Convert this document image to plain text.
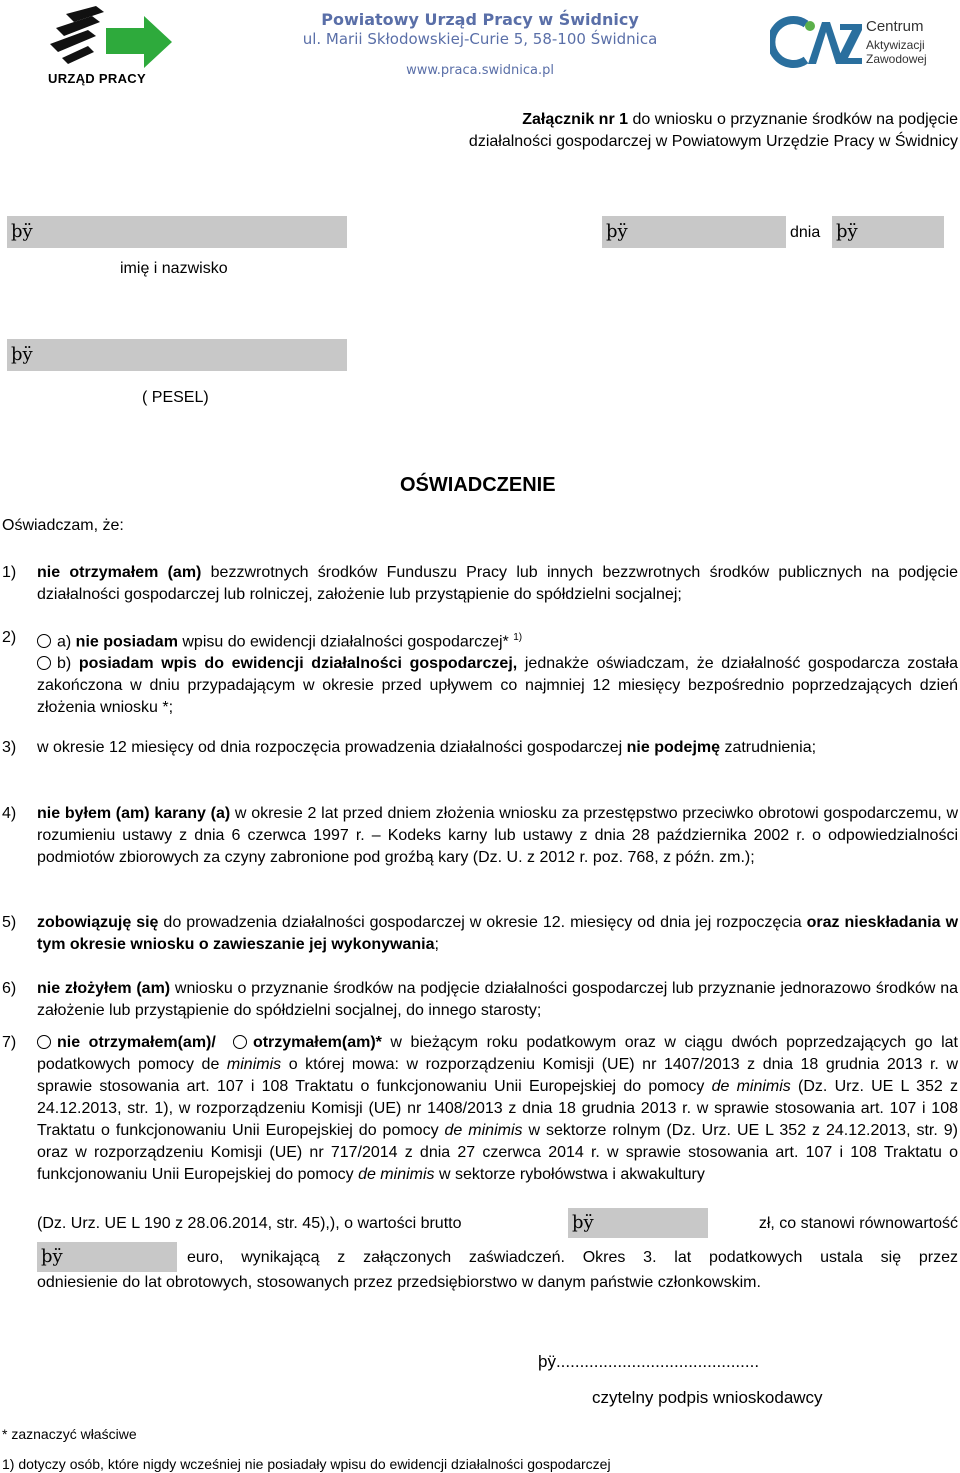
URZĄD PRACY
Powiatowy Urząd Pracy w Świdnicy
ul. Marii Skłodowskiej-Curie 5, 58-100 Świdnica
www.praca.swidnica.pl
Centrum
Aktywizacji
Zawodowej
Załącznik nr 1 do wniosku o przyznanie środków na podjęcie
działalności gospodarczej w Powiatowym Urzędzie Pracy w Świdnicy
þÿ	þÿ	dnia þÿ
imię i nazwisko
þÿ
( PESEL)
OŚWIADCZENIE
Oświadczam, że:
1) nie otrzymałem (am) bezzwrotnych środków Funduszu Pracy lub innych bezzwrotnych środków publicznych na podjęcie działalności gospodarczej lub rolniczej, założenie lub przystąpienie do spółdzielni socjalnej;
2)	a) nie posiadam wpisu do ewidencji działalności gospodarczej* $^{1)}$
b) posiadam wpis do ewidencji działalności gospodarczej, jednakże oświadczam, że działalność gospodarcza została zakończona w dniu przypadającym w okresie przed upływem co najmniej 12 miesięcy bezpośrednio poprzedzających dzień złożenia wniosku *;
3) w okresie 12 miesięcy od dnia rozpoczęcia prowadzenia działalności gospodarczej nie podejmę zatrudnienia;
4) nie byłem (am) karany (a) w okresie 2 lat przed dniem złożenia wniosku za przestępstwo przeciwko obrotowi gospodarczemu, w rozumieniu ustawy z dnia 6 czerwca 1997 r. – Kodeks karny lub ustawy z dnia 28 października 2002 r. o odpowiedzialności podmiotów zbiorowych za czyny zabronione pod groźbą kary (Dz. U. z 2012 r. poz. 768, z późn. zm.);
5) zobowiązuję się do prowadzenia działalności gospodarczej w okresie 12. miesięcy od dnia jej rozpoczęcia oraz nieskładania w tym okresie wniosku o zawieszanie jej wykonywania;
6) nie złożyłem (am) wniosku o przyznanie środków na podjęcie działalności gospodarczej lub przyznanie jednorazowo środków na założenie lub przystąpienie do spółdzielni socjalnej, do innego starosty;
7)	nie otrzymałem(am)/ otrzymałem(am)* w bieżącym roku podatkowym oraz w ciągu dwóch poprzedzających go lat podatkowych pomocy de minimis o której mowa: w rozporządzeniu Komisji (UE) nr 1407/2013 z dnia 18 grudnia 2013 r. w sprawie stosowania art. 107 i 108 Traktatu o funkcjonowaniu Unii Europejskiej do pomocy de minimis (Dz. Urz. UE L 352 z 24.12.2013, str. 1), w rozporządzeniu Komisji (UE) nr 1408/2013 z dnia 18 grudnia 2013 r. w sprawie stosowania art. 107 i 108 Traktatu o funkcjonowaniu Unii Europejskiej do pomocy de minimis w sektorze rolnym (Dz. Urz. UE L 352 z 24.12.2013, str. 9) oraz w rozporządzeniu Komisji (UE) nr 717/2014 z dnia 27 czerwca 2014 r. w sprawie stosowania art. 107 i 108 Traktatu o funkcjonowaniu Unii Europejskiej do pomocy de minimis w sektorze rybołówstwa i akwakultury
(Dz. Urz. UE L 190 z 28.06.2014, str. 45),), o wartości brutto	þÿ	zł, co stanowi równowartość
þÿ	euro, wynikającą z załączonych zaświadczeń. Okres 3. lat podatkowych ustala się przez
odniesienie do lat obrotowych, stosowanych przez przedsiębiorstwo w danym państwie członkowskim.
þÿ...........................................
czytelny podpis wnioskodawcy
* zaznaczyć właściwe
1) dotyczy osób, które nigdy wcześniej nie posiadały wpisu do ewidencji działalności gospodarczej
